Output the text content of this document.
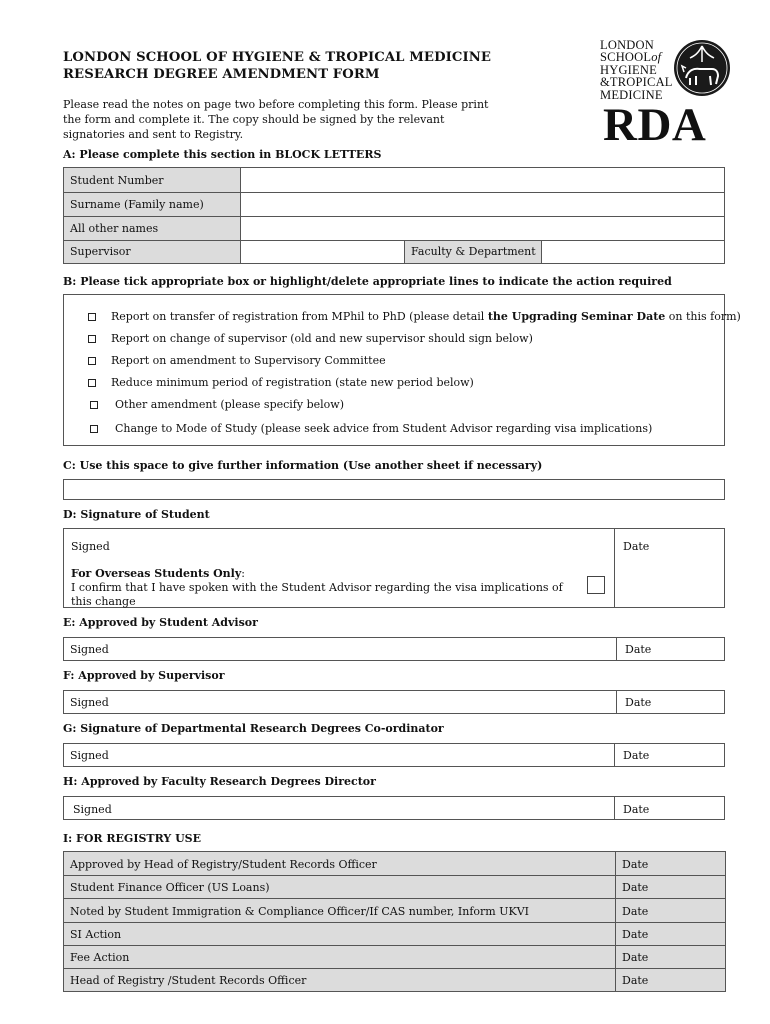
LONDON SCHOOL OF HYGIENE & TROPICAL MEDICINE
RESEARCH DEGREE AMENDMENT FORM
Please read the notes on page two before completing this form. Please print the form and complete it. The copy should be signed by the relevant signatories and sent to Registry.
LONDON
SCHOOLof
HYGIENE
&TROPICAL
MEDICINE
RDA
A: Please complete this section in BLOCK LETTERS
Student Number
Surname (Family name)
All other names
Supervisor	Faculty & Department
B: Please tick appropriate box or highlight/delete appropriate lines to indicate the action required
Report on transfer of registration from MPhil to PhD (please detail the Upgrading Seminar Date on this form)
Report on change of supervisor (old and new supervisor should sign below)
Report on amendment to Supervisory Committee
Reduce minimum period of registration (state new period below)
Other amendment (please specify below)
Change to Mode of Study (please seek advice from Student Advisor regarding visa implications)
C: Use this space to give further information (Use another sheet if necessary)
D: Signature of Student
Signed	Date
For Overseas Students Only:
I confirm that I have spoken with the Student Advisor regarding the visa implications of this change
E: Approved by Student Advisor
Signed	Date
F: Approved by Supervisor
Signed	Date
G: Signature of Departmental Research Degrees Co-ordinator
Signed	Date
H: Approved by Faculty Research Degrees Director
Signed	Date
I: FOR REGISTRY USE
Approved by Head of Registry/Student Records Officer	Date
Student Finance Officer (US Loans)	Date
Noted by Student Immigration & Compliance Officer/If CAS number, Inform UKVI	Date
SI Action	Date
Fee Action	Date
Head of Registry /Student Records Officer	Date
